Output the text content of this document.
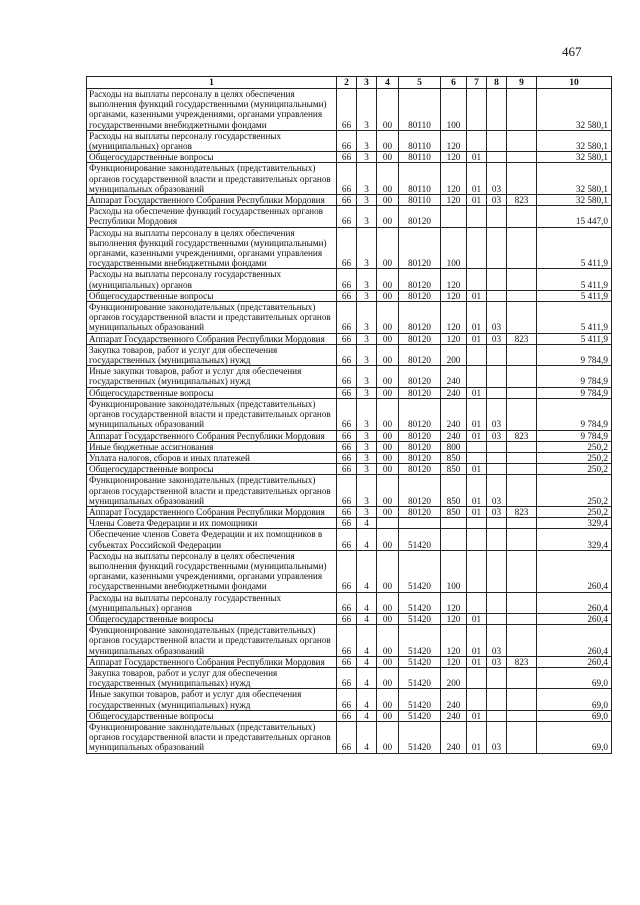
467
1	2	3	4	5	6	7	8	9	10
Расходы на выплаты персоналу в целях обеспечения выполнения функций государственными (муниципальными) органами, казенными учреждениями, органами управления государственными внебюджетными фондами	66	3	00	80110	100				32 580,1
Расходы на выплаты персоналу государственных (муниципальных) органов	66	3	00	80110	120				32 580,1
Общегосударственные вопросы	66	3	00	80110	120	01			32 580,1
Функционирование законодательных (представительных) органов государственной власти и представительных органов муниципальных образований	66	3	00	80110	120	01	03		32 580,1
Аппарат Государственного Собрания Республики Мордовия	66	3	00	80110	120	01	03	823	32 580,1
Расходы на обеспечение функций государственных органов Республики Мордовия	66	3	00	80120					15 447,0
Расходы на выплаты персоналу в целях обеспечения выполнения функций государственными (муниципальными) органами, казенными учреждениями, органами управления государственными внебюджетными фондами	66	3	00	80120	100				5 411,9
Расходы на выплаты персоналу государственных (муниципальных) органов	66	3	00	80120	120				5 411,9
Общегосударственные вопросы	66	3	00	80120	120	01			5 411,9
Функционирование законодательных (представительных) органов государственной власти и представительных органов муниципальных образований	66	3	00	80120	120	01	03		5 411,9
Аппарат Государственного Собрания Республики Мордовия	66	3	00	80120	120	01	03	823	5 411,9
Закупка товаров, работ и услуг для обеспечения государственных (муниципальных) нужд	66	3	00	80120	200				9 784,9
Иные закупки товаров, работ и услуг для обеспечения государственных (муниципальных) нужд	66	3	00	80120	240				9 784,9
Общегосударственные вопросы	66	3	00	80120	240	01			9 784,9
Функционирование законодательных (представительных) органов государственной власти и представительных органов муниципальных образований	66	3	00	80120	240	01	03		9 784,9
Аппарат Государственного Собрания Республики Мордовия	66	3	00	80120	240	01	03	823	9 784,9
Иные бюджетные ассигнования	66	3	00	80120	800				250,2
Уплата налогов, сборов и иных платежей	66	3	00	80120	850				250,2
Общегосударственные вопросы	66	3	00	80120	850	01			250,2
Функционирование законодательных (представительных) органов государственной власти и представительных органов муниципальных образований	66	3	00	80120	850	01	03		250,2
Аппарат Государственного Собрания Республики Мордовия	66	3	00	80120	850	01	03	823	250,2
Члены Совета Федерации и их помощники	66	4							329,4
Обеспечение членов Совета Федерации и их помощников в субъектах Российской Федерации	66	4	00	51420					329,4
Расходы на выплаты персоналу в целях обеспечения выполнения функций государственными (муниципальными) органами, казенными учреждениями, органами управления государственными внебюджетными фондами	66	4	00	51420	100				260,4
Расходы на выплаты персоналу государственных (муниципальных) органов	66	4	00	51420	120				260,4
Общегосударственные вопросы	66	4	00	51420	120	01			260,4
Функционирование законодательных (представительных) органов государственной власти и представительных органов муниципальных образований	66	4	00	51420	120	01	03		260,4
Аппарат Государственного Собрания Республики Мордовия	66	4	00	51420	120	01	03	823	260,4
Закупка товаров, работ и услуг для обеспечения государственных (муниципальных) нужд	66	4	00	51420	200				69,0
Иные закупки товаров, работ и услуг для обеспечения государственных (муниципальных) нужд	66	4	00	51420	240				69,0
Общегосударственные вопросы	66	4	00	51420	240	01			69,0
Функционирование законодательных (представительных) органов государственной власти и представительных органов муниципальных образований	66	4	00	51420	240	01	03		69,0
